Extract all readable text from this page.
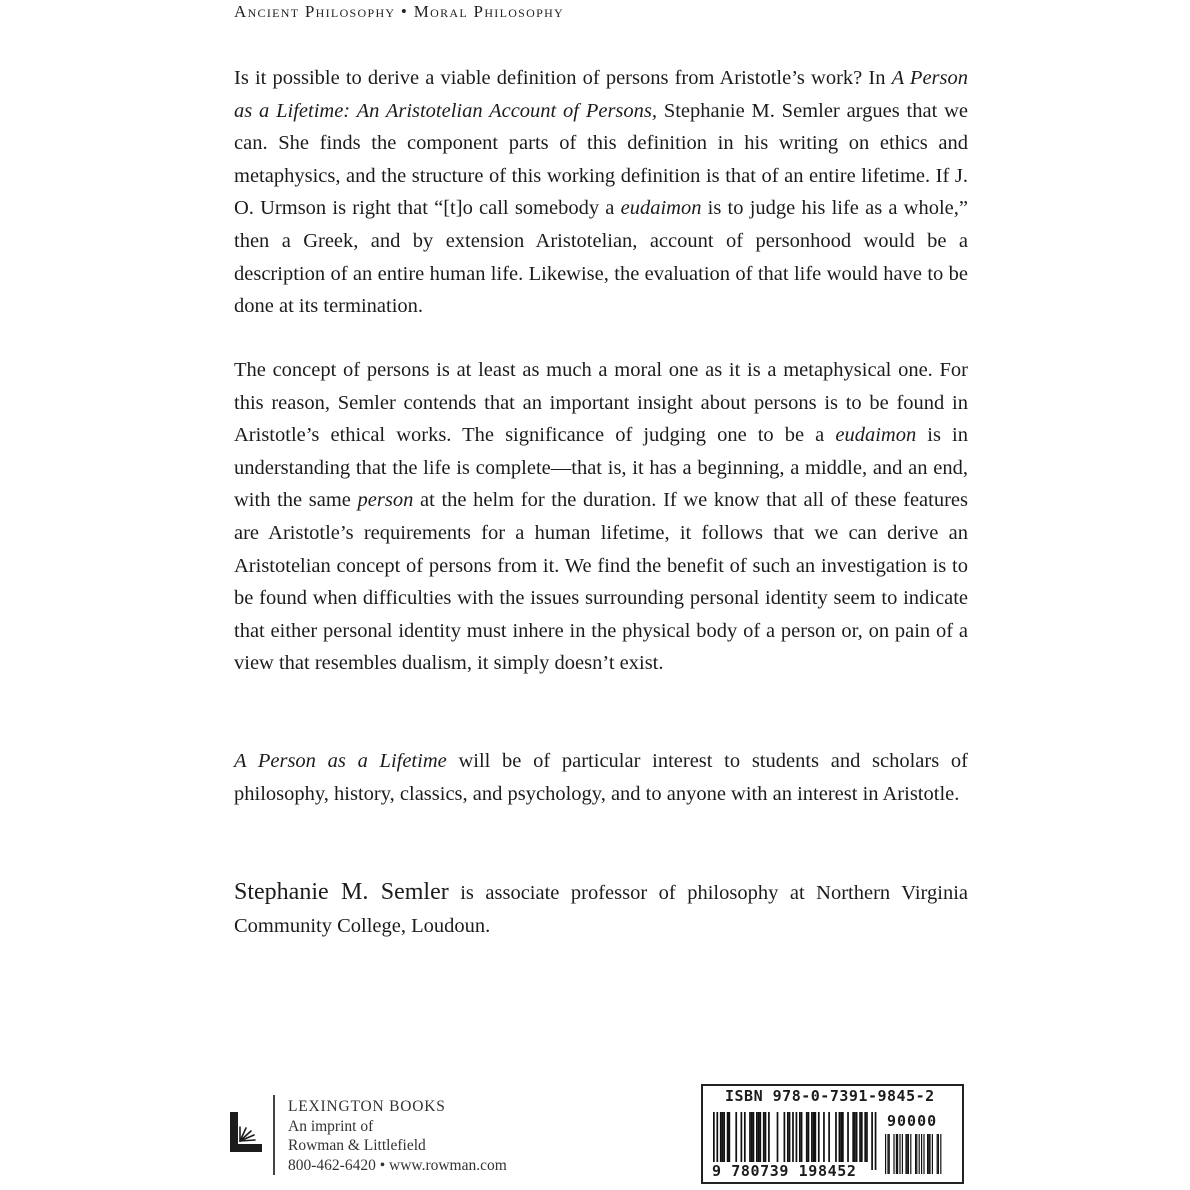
Ancient Philosophy • Moral Philosophy

Is it possible to derive a viable definition of persons from Aristotle’s work? In A Person as a Lifetime: An Aristotelian Account of Persons, Stephanie M. Semler argues that we can. She finds the component parts of this definition in his writing on ethics and metaphysics, and the structure of this working definition is that of an entire lifetime. If J. O. Urmson is right that “[t]o call somebody a eudaimon is to judge his life as a whole,” then a Greek, and by extension Aristotelian, account of personhood would be a description of an entire human life. Likewise, the evaluation of that life would have to be done at its termination.

The concept of persons is at least as much a moral one as it is a metaphysical one. For this reason, Semler contends that an important insight about persons is to be found in Aristotle’s ethical works. The significance of judging one to be a eudaimon is in understanding that the life is complete—that is, it has a beginning, a middle, and an end, with the same person at the helm for the duration. If we know that all of these features are Aristotle’s requirements for a human lifetime, it follows that we can derive an Aristotelian concept of persons from it. We find the benefit of such an investigation is to be found when difficulties with the issues surrounding personal identity seem to indicate that either personal identity must inhere in the physical body of a person or, on pain of a view that resembles dualism, it simply doesn’t exist.

A Person as a Lifetime will be of particular interest to students and scholars of philosophy, history, classics, and psychology, and to anyone with an interest in Aristotle.

Stephanie M. Semler is associate professor of philosophy at Northern Virginia Community College, Loudoun.

LEXINGTON BOOKS
An imprint of
Rowman & Littlefield
800-462-6420 • www.rowman.com
ISBN 978-0-7391-9845-2
90000
9 780739 198452
